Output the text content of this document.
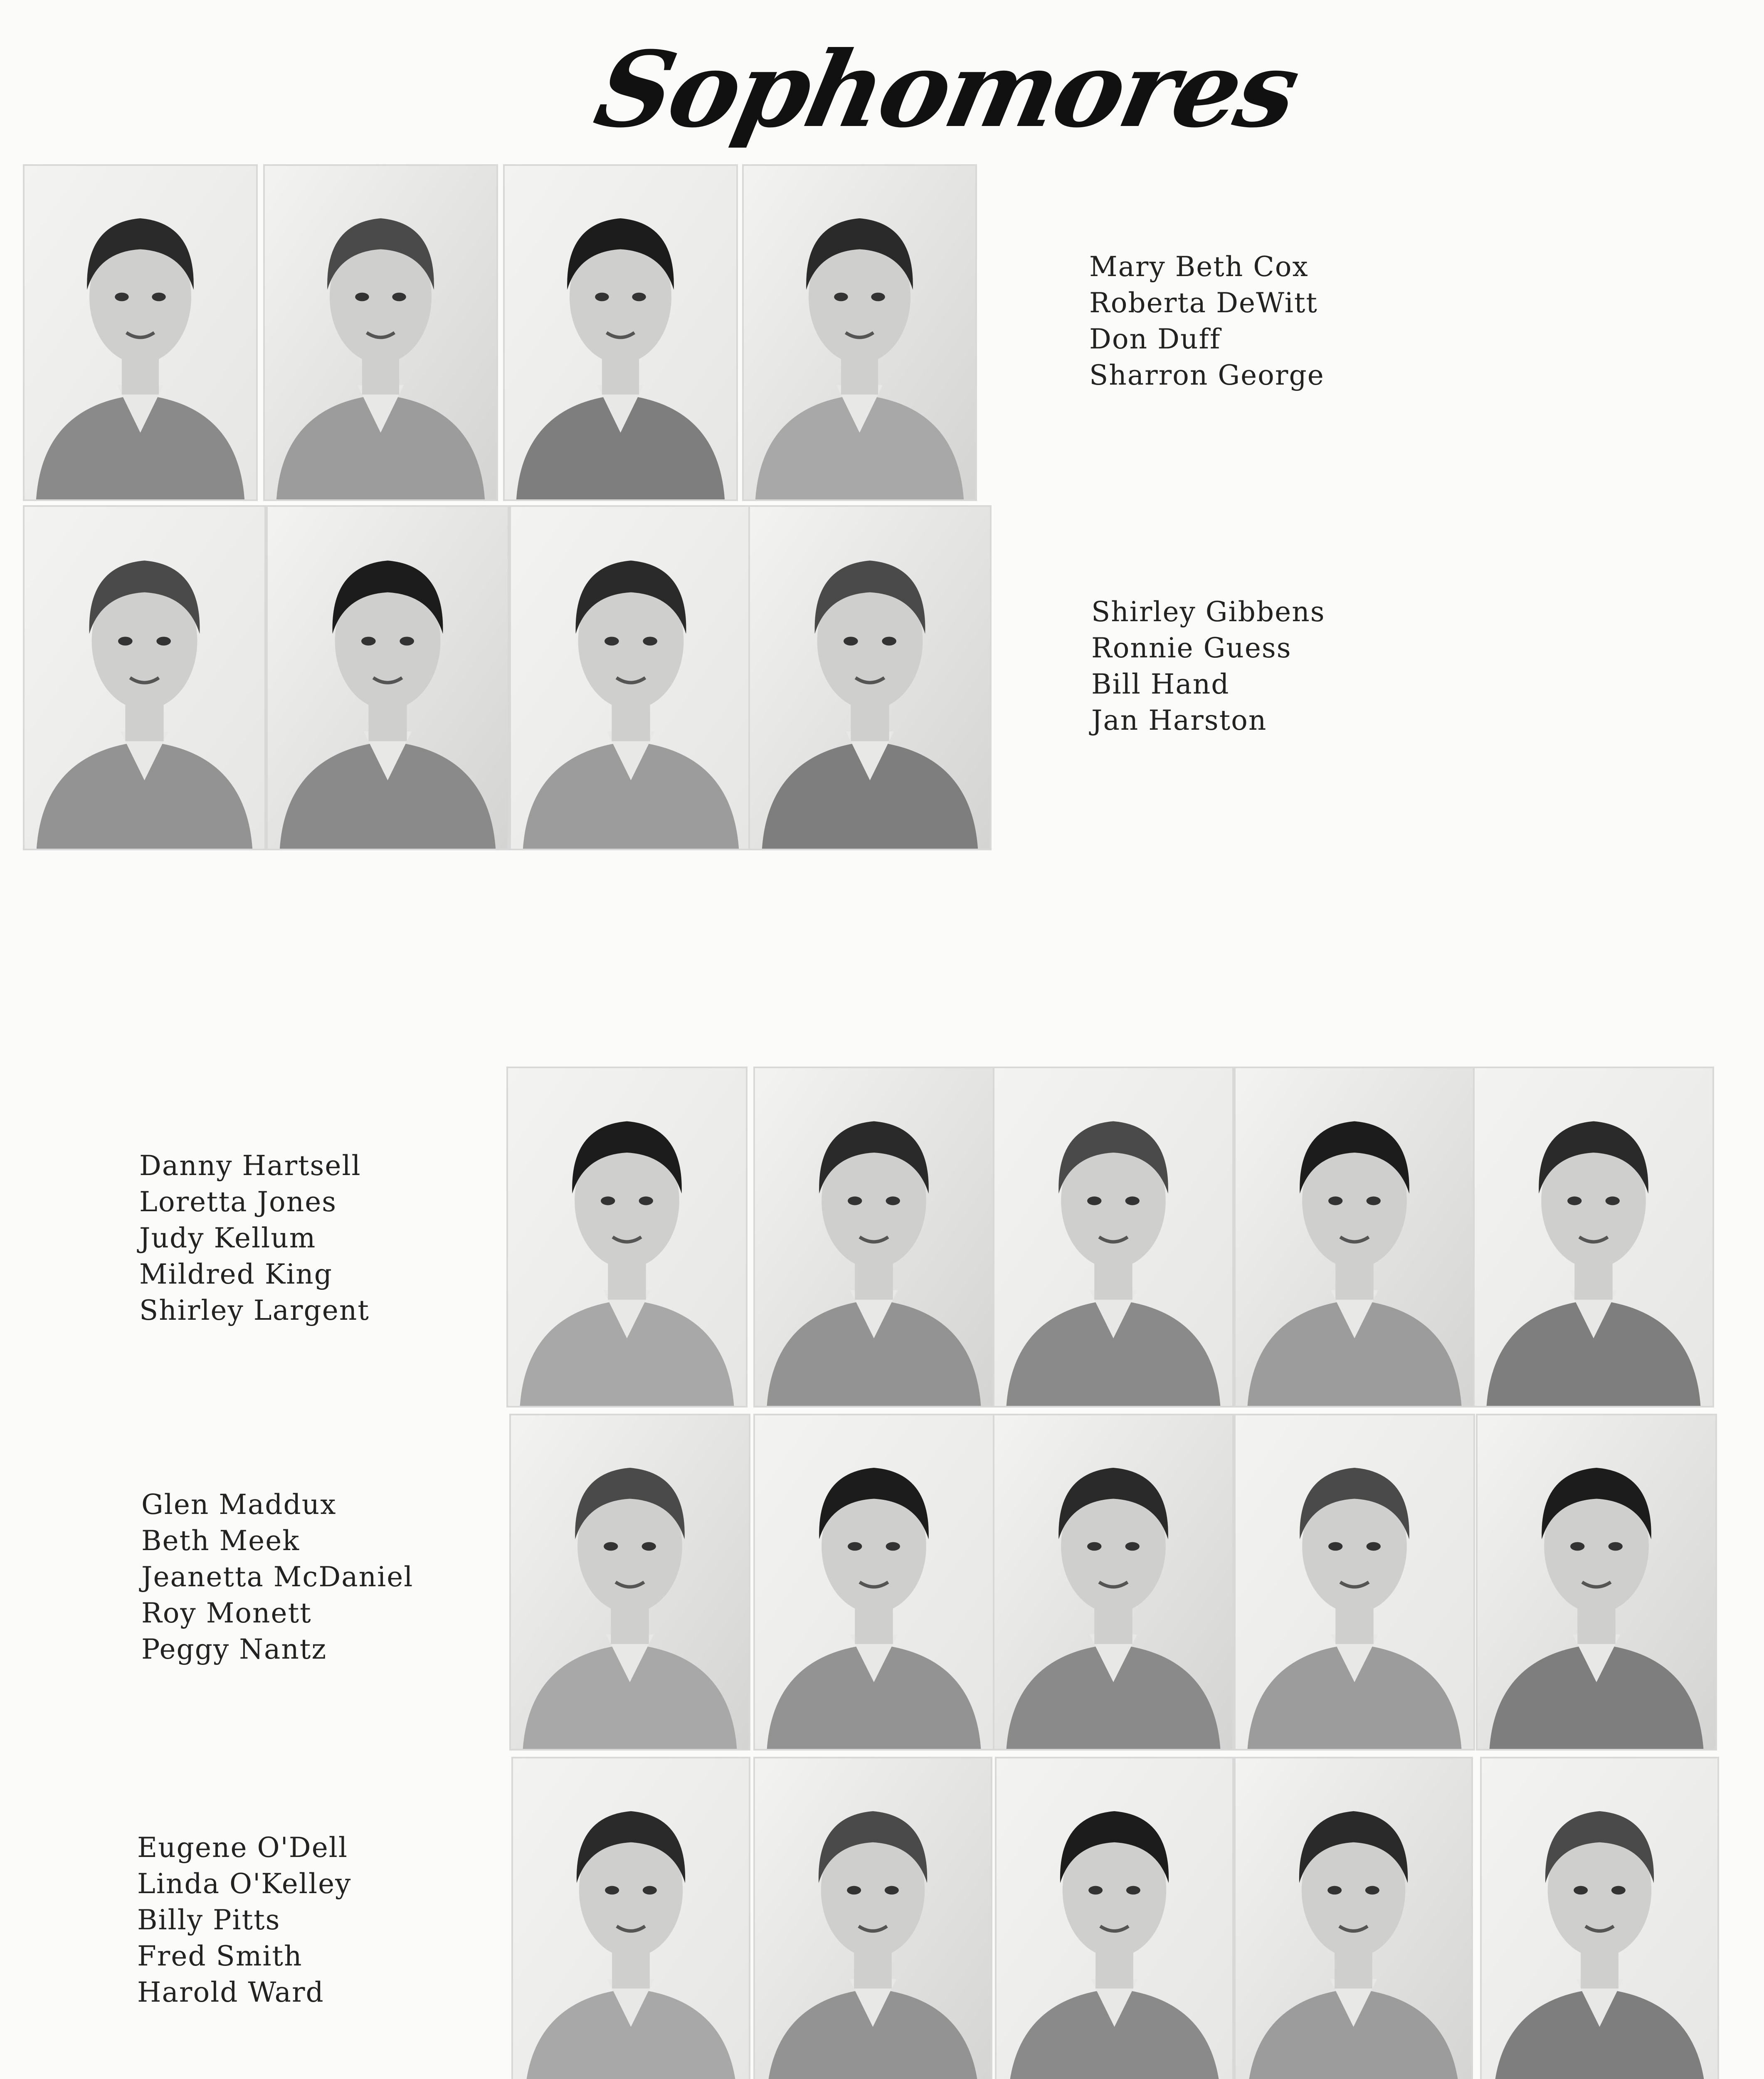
Sophomores
Mary Beth Cox
Roberta DeWitt
Don Duff
Sharron George
Shirley Gibbens
Ronnie Guess
Bill Hand
Jan Harston
Danny Hartsell
Loretta Jones
Judy Kellum
Mildred King
Shirley Largent
Glen Maddux
Beth Meek
Jeanetta McDaniel
Roy Monett
Peggy Nantz
Eugene O'Dell
Linda O'Kelley
Billy Pitts
Fred Smith
Harold Ward
